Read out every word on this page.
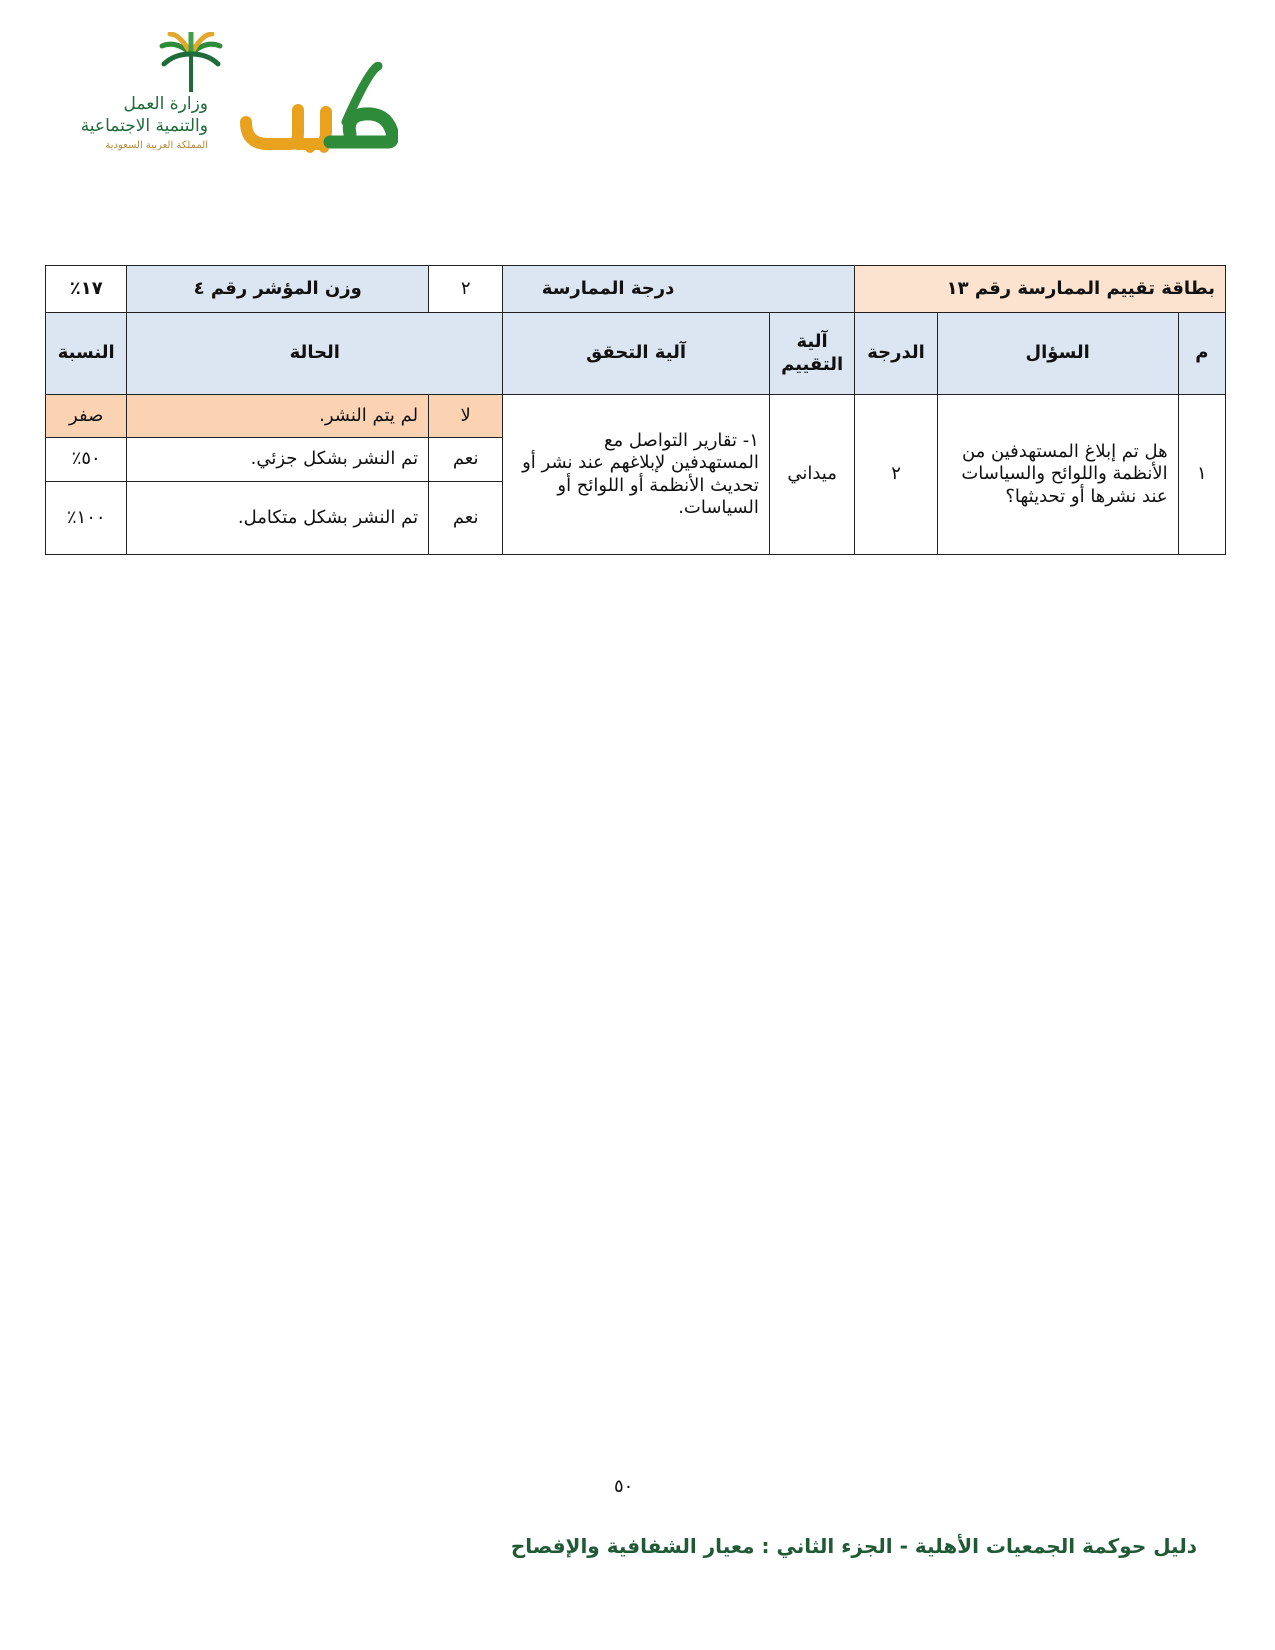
وزارة العمل
والتنمية الاجتماعية
المملكة العربية السعودية
بطاقة تقييم الممارسة رقم ١٣			درجة الممارسة		٢	وزن المؤشر رقم ٤	١٧٪
م	السؤال	الدرجة	آلية التقييم	آلية التحقق	الحالة		النسبة
١	هل تم إبلاغ المستهدفين من الأنظمة واللوائح والسياسات عند نشرها أو تحديثها؟	٢	ميداني	١- تقارير التواصل مع المستهدفين لإبلاغهم عند نشر أو تحديث الأنظمة أو اللوائح أو السياسات.	لا	لم يتم النشر.	صفر
					نعم	تم النشر بشكل جزئي.	٥٠٪
					نعم	تم النشر بشكل متكامل.	١٠٠٪
٥٠
دليل حوكمة الجمعيات الأهلية - الجزء الثاني : معيار الشفافية والإفصاح
